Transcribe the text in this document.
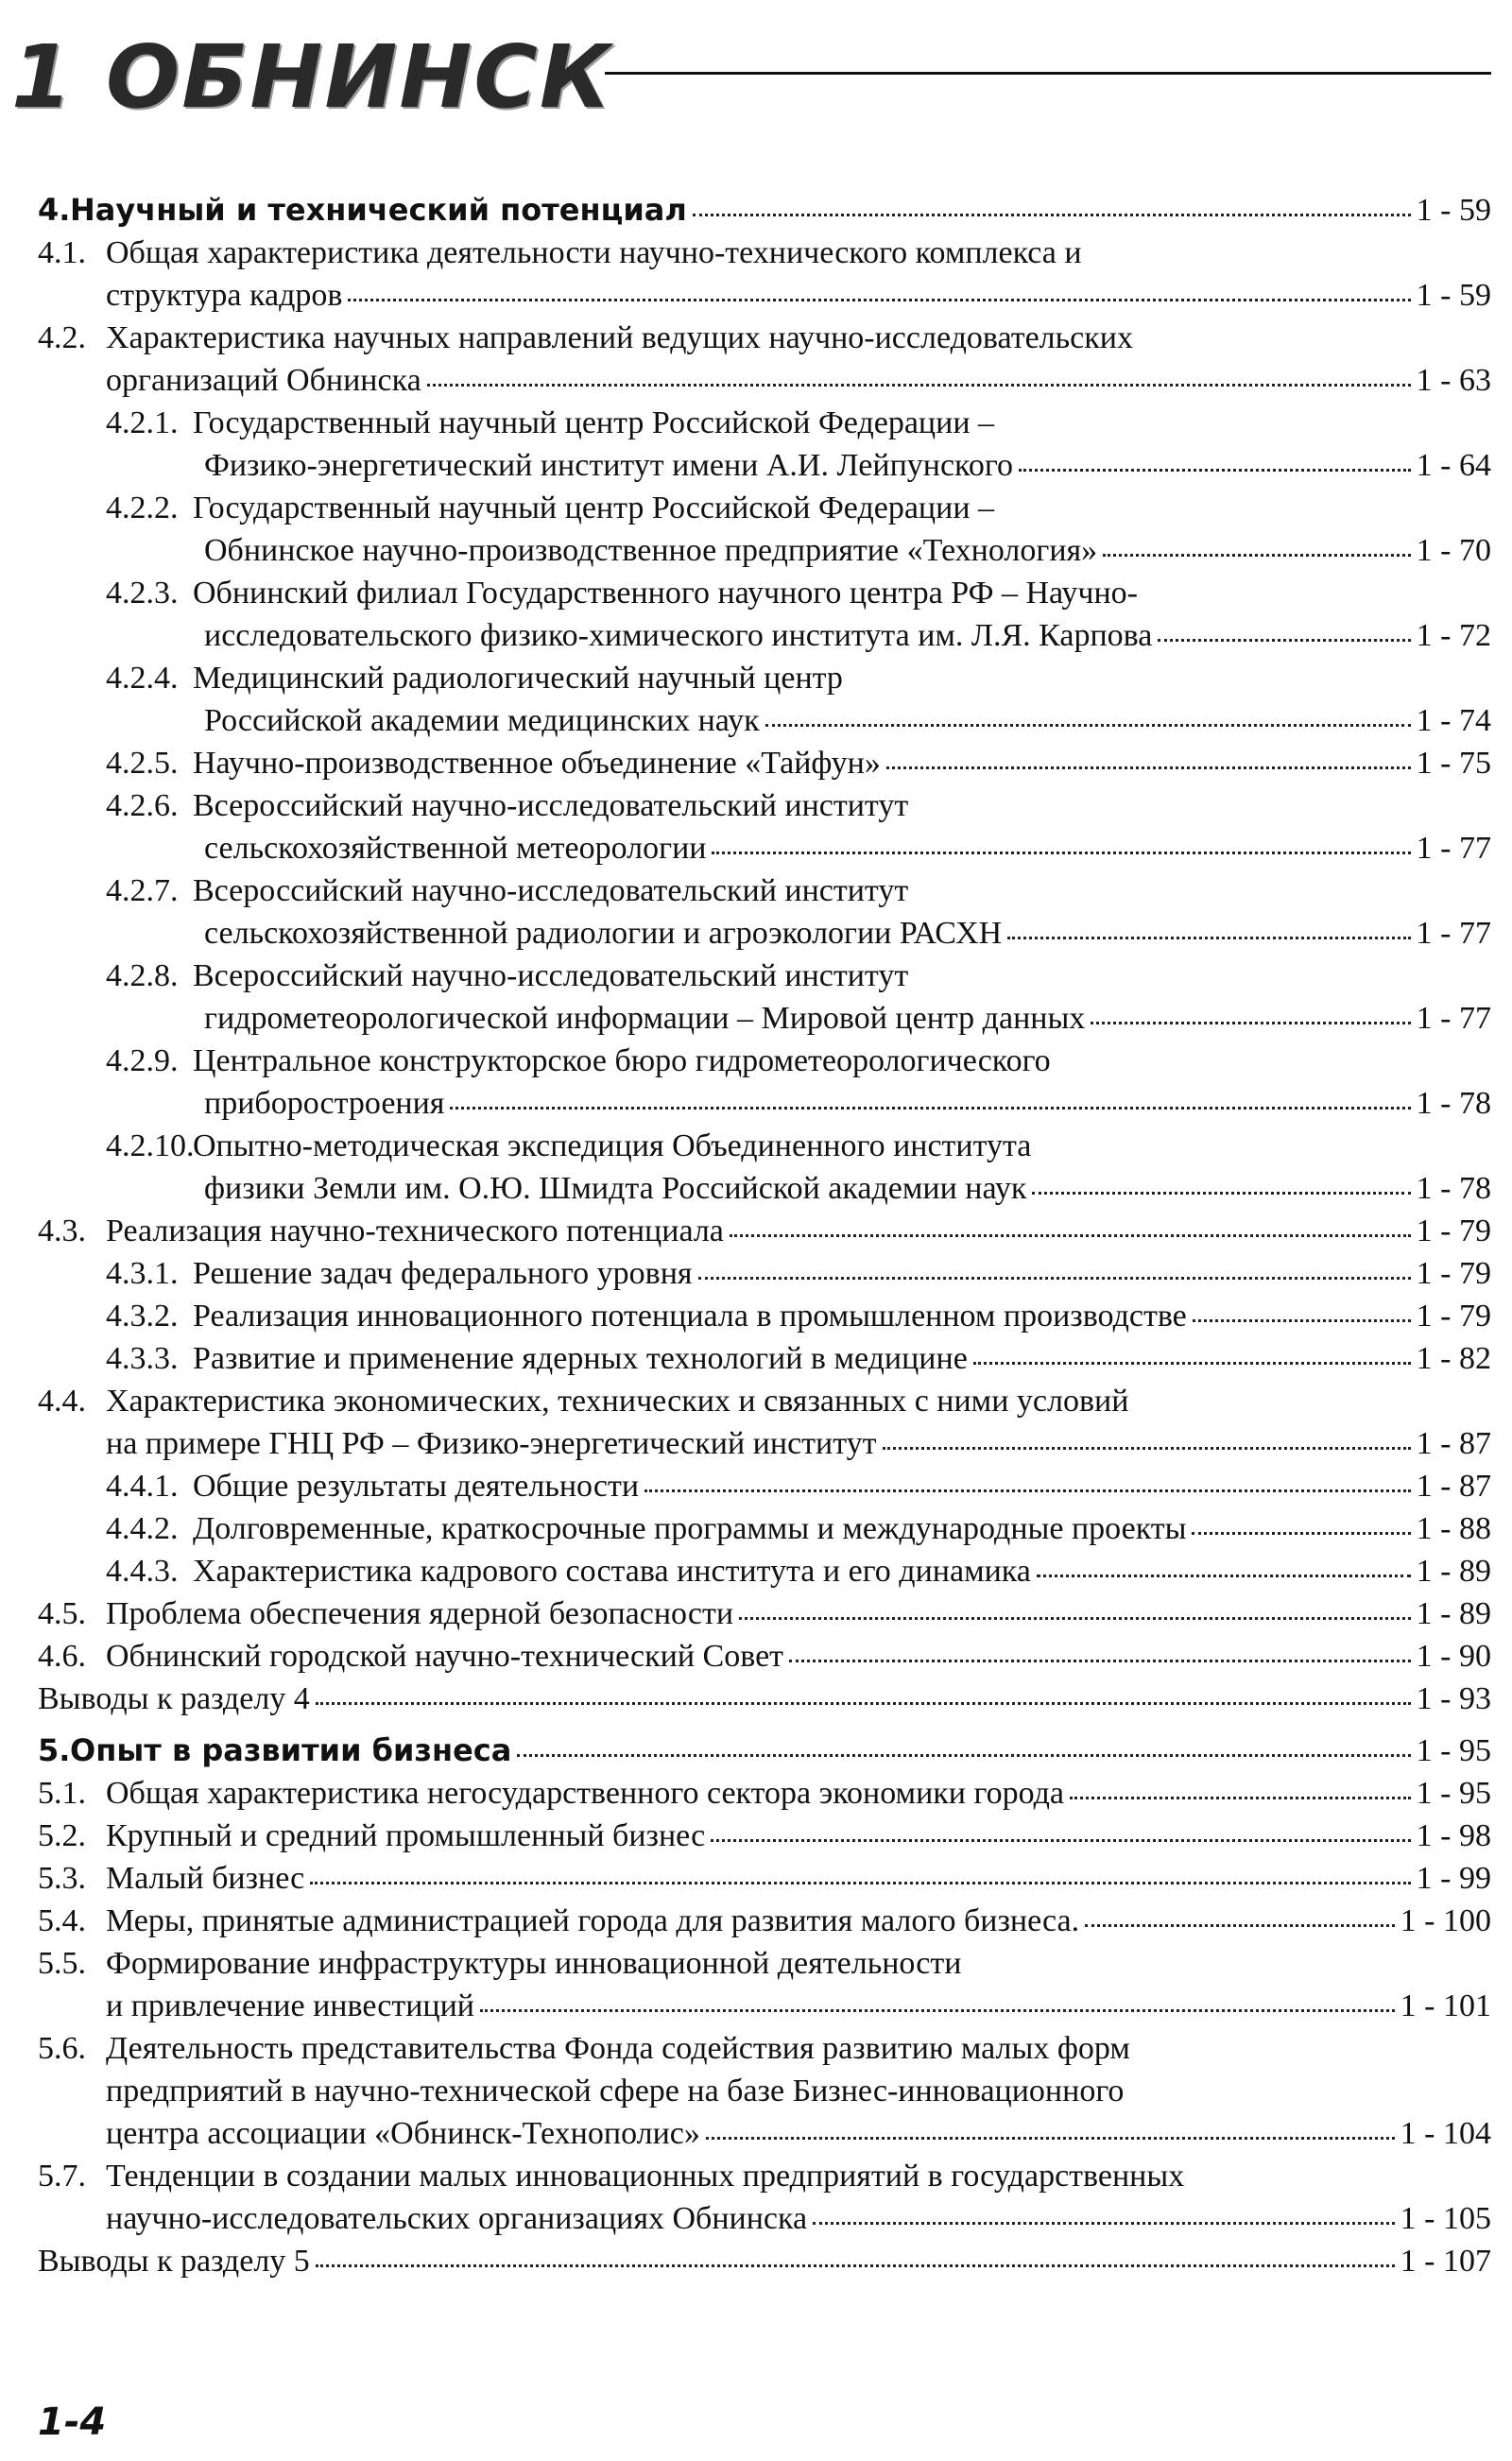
1 ОБНИНСК
4.Научный и технический потенциал	1 - 59
4.1. Общая характеристика деятельности научно-технического комплекса и
структура кадров	1 - 59
4.2. Характеристика научных направлений ведущих научно-исследовательских
организаций Обнинска	1 - 63
4.2.1. Государственный научный центр Российской Федерации –
Физико-энергетический институт имени А.И. Лейпунского	1 - 64
4.2.2. Государственный научный центр Российской Федерации –
Обнинское научно-производственное предприятие «Технология»	1 - 70
4.2.3. Обнинский филиал Государственного научного центра РФ – Научно-
исследовательского физико-химического института им. Л.Я. Карпова	1 - 72
4.2.4. Медицинский радиологический научный центр
Российской академии медицинских наук	1 - 74
4.2.5. Научно-производственное объединение «Тайфун»	1 - 75
4.2.6. Всероссийский научно-исследовательский институт
сельскохозяйственной метеорологии	1 - 77
4.2.7. Всероссийский научно-исследовательский институт
сельскохозяйственной радиологии и агроэкологии РАСХН	1 - 77
4.2.8. Всероссийский научно-исследовательский институт
гидрометеорологической информации – Мировой центр данных	1 - 77
4.2.9. Центральное конструкторское бюро гидрометеорологического
приборостроения	1 - 78
4.2.10.Опытно-методическая экспедиция Объединенного института
физики Земли им. О.Ю. Шмидта Российской академии наук	1 - 78
4.3. Реализация научно-технического потенциала	1 - 79
4.3.1. Решение задач федерального уровня	1 - 79
4.3.2. Реализация инновационного потенциала в промышленном производстве	1 - 79
4.3.3. Развитие и применение ядерных технологий в медицине	1 - 82
4.4. Характеристика экономических, технических и связанных с ними условий
на примере ГНЦ РФ – Физико-энергетический институт	1 - 87
4.4.1. Общие результаты деятельности	1 - 87
4.4.2. Долговременные, краткосрочные программы и международные проекты	1 - 88
4.4.3. Характеристика кадрового состава института и его динамика	1 - 89
4.5. Проблема обеспечения ядерной безопасности	1 - 89
4.6. Обнинский городской научно-технический Совет	1 - 90
Выводы к разделу 4	1 - 93
5.Опыт в развитии бизнеса	1 - 95
5.1. Общая характеристика негосударственного сектора экономики города	1 - 95
5.2. Крупный и средний промышленный бизнес	1 - 98
5.3. Малый бизнес	1 - 99
5.4. Меры, принятые администрацией города для развития малого бизнеса.	1 - 100
5.5. Формирование инфраструктуры инновационной деятельности
и привлечение инвестиций	1 - 101
5.6. Деятельность представительства Фонда содействия развитию малых форм
предприятий в научно-технической сфере на базе Бизнес-инновационного
центра ассоциации «Обнинск-Технополис»	1 - 104
5.7. Тенденции в создании малых инновационных предприятий в государственных
научно-исследовательских организациях Обнинска	1 - 105
Выводы к разделу 5	1 - 107
1-4
